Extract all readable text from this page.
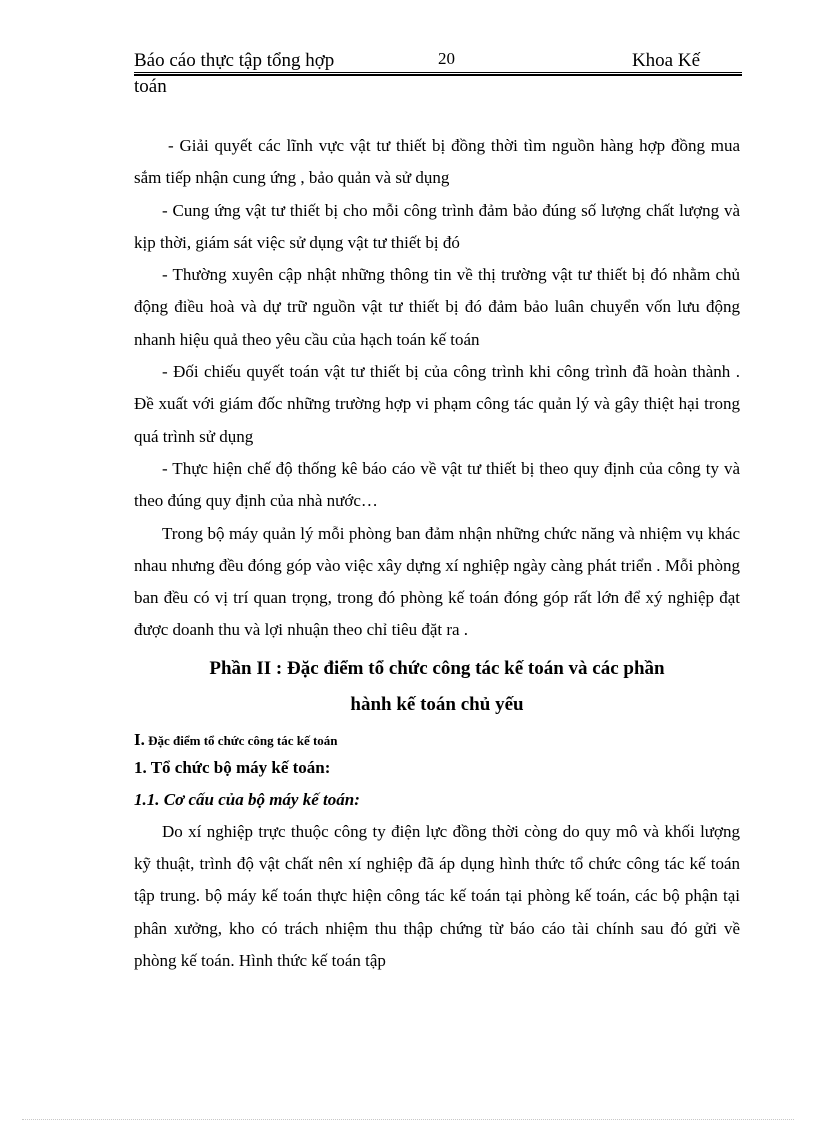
Báo cáo thực tập tổng hợp	20	Khoa Kế
toán

- Giải quyết các lĩnh vực vật tư thiết bị đồng thời tìm nguồn hàng hợp đồng mua sắm tiếp nhận cung ứng , bảo quản và sử dụng

- Cung ứng vật tư thiết bị cho mỗi công trình đảm bảo đúng số lượng chất lượng và kịp thời, giám sát việc sử dụng vật tư thiết bị đó

- Thường xuyên cập nhật những thông tin về thị trường vật tư thiết bị đó nhằm chủ động điều hoà và dự trữ nguồn vật tư thiết bị đó đảm bảo luân chuyển vốn lưu động nhanh hiệu quả theo yêu cầu của hạch toán kế toán

- Đối chiếu quyết toán vật tư thiết bị của công trình khi công trình đã hoàn thành . Đề xuất với giám đốc những trường hợp vi phạm công tác quản lý và gây thiệt hại trong quá trình sử dụng

- Thực hiện chế độ thống kê báo cáo về vật tư thiết bị theo quy định của công ty và theo đúng quy định của nhà nước…

Trong bộ máy quản lý mỗi phòng ban đảm nhận những chức năng và nhiệm vụ khác nhau nhưng đều đóng góp vào việc xây dựng xí nghiệp ngày càng phát triển . Mỗi phòng ban đều có vị trí quan trọng, trong đó phòng kế toán đóng góp rất lớn để xý nghiệp đạt được doanh thu và lợi nhuận theo chỉ tiêu đặt ra .

Phần II : Đặc điểm tổ chức công tác kế toán và các phần
hành kế toán chủ yếu
I. Đặc điểm tổ chức công tác kế toán
1. Tổ chức bộ máy kế toán:
1.1. Cơ cấu của bộ máy kế toán:

Do xí nghiệp trực thuộc công ty điện lực đồng thời còng do quy mô và khối lượng kỹ thuật, trình độ vật chất nên xí nghiệp đã áp dụng hình thức tổ chức công tác kế toán tập trung. bộ máy kế toán thực hiện công tác kế toán tại phòng kế toán, các bộ phận tại phân xưởng, kho có trách nhiệm thu thập chứng từ báo cáo tài chính sau đó gửi về phòng kế toán. Hình thức kế toán tập
